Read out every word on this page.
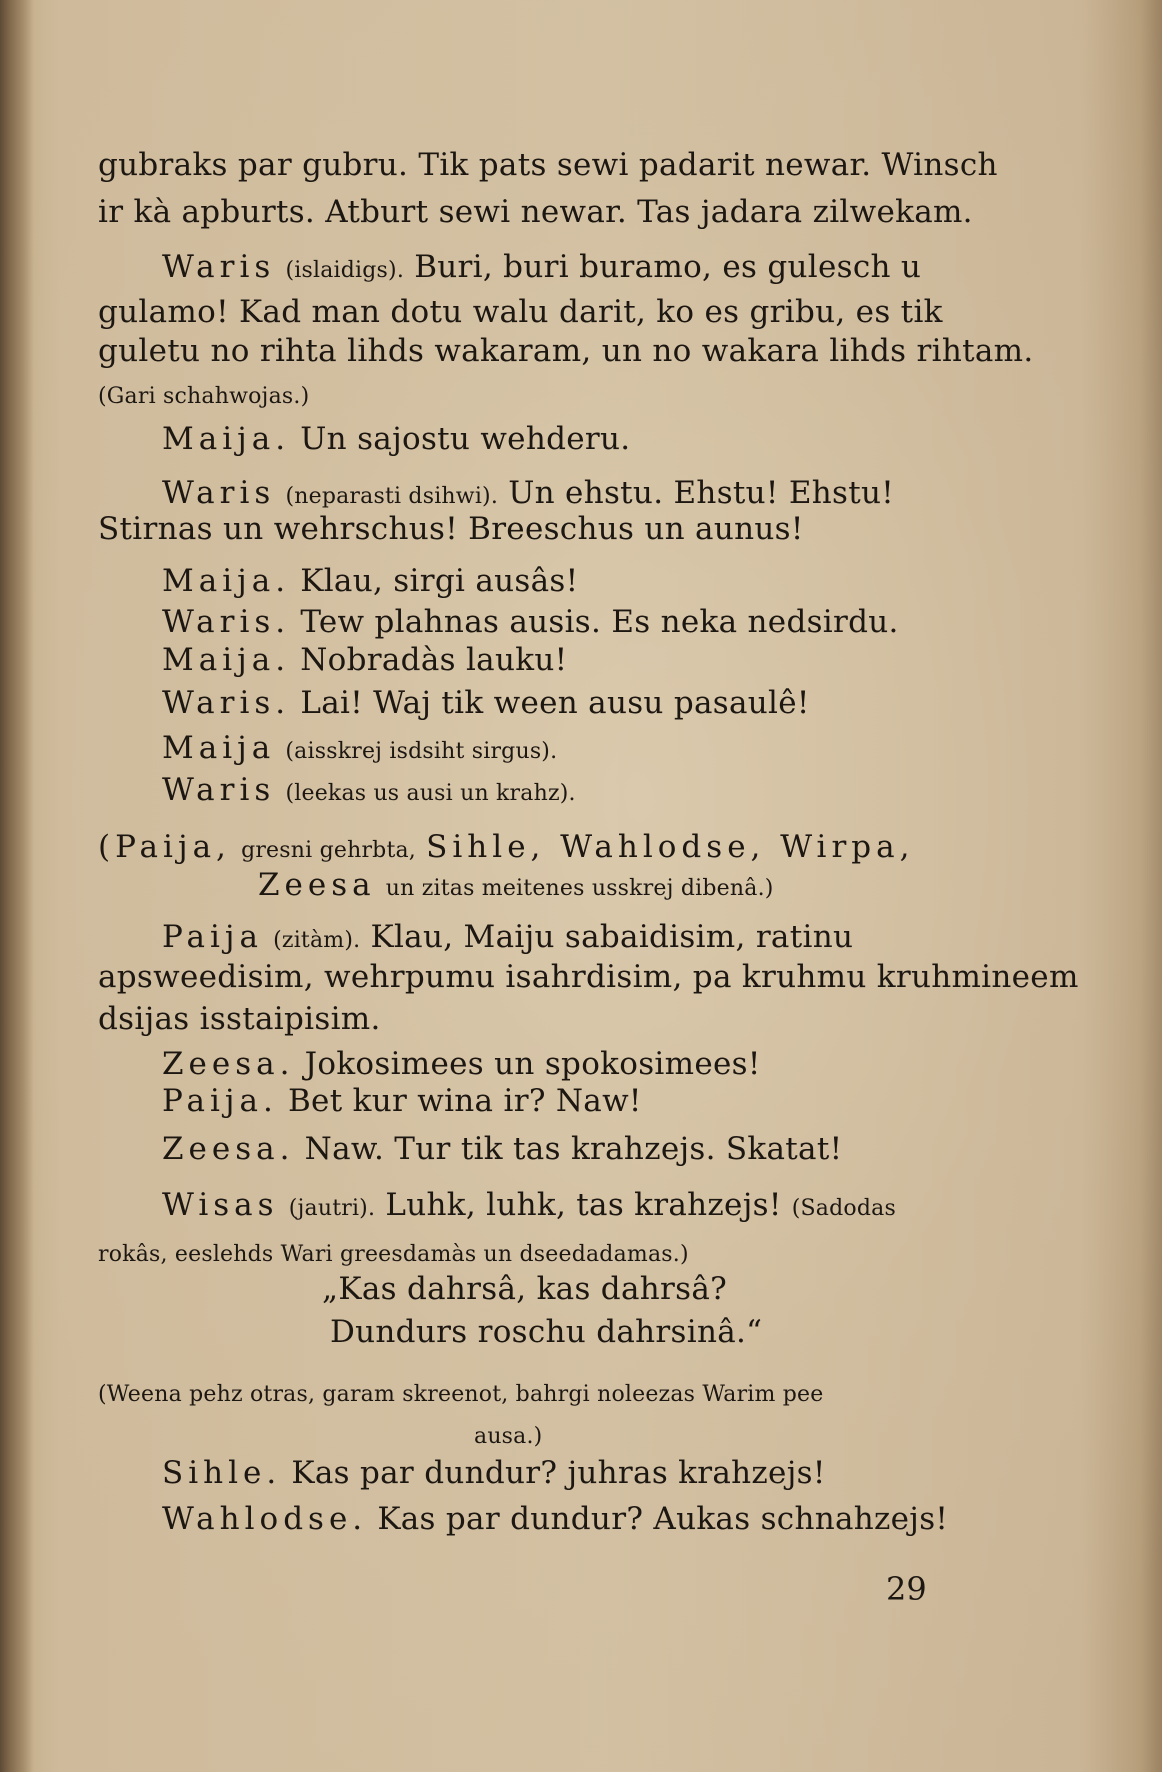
gubraks par gubru. Tik pats sewi padarit newar. Winsch
ir kà apburts. Atburt sewi newar. Tas jadara zilwekam.
Waris (islaidigs). Buri, buri buramo, es gulesch u
gulamo! Kad man dotu walu darit, ko es gribu, es tik
guletu no rihta lihds wakaram, un no wakara lihds rihtam.
(Gari schahwojas.)
Maija. Un sajostu wehderu.
Waris (neparasti dsihwi). Un ehstu. Ehstu! Ehstu!
Stirnas un wehrschus! Breeschus un aunus!
Maija. Klau, sirgi ausâs!
Waris. Tew plahnas ausis. Es neka nedsirdu.
Maija. Nobradàs lauku!
Waris. Lai! Waj tik ween ausu pasaulê!
Maija (aisskrej isdsiht sirgus).
Waris (leekas us ausi un krahz).
(Paija, gresni gehrbta, Sihle, Wahlodse, Wirpa,
Zeesa un zitas meitenes usskrej dibenâ.)
Paija (zitàm). Klau, Maiju sabaidisim, ratinu
apsweedisim, wehrpumu isahrdisim, pa kruhmu kruhmineem
dsijas isstaipisim.
Zeesa. Jokosimees un spokosimees!
Paija. Bet kur wina ir? Naw!
Zeesa. Naw. Tur tik tas krahzejs. Skatat!
Wisas (jautri). Luhk, luhk, tas krahzejs! (Sadodas
rokâs, eeslehds Wari greesdamàs un dseedadamas.)
„Kas dahrsâ, kas dahrsâ?
Dundurs roschu dahrsinâ.“
(Weena pehz otras, garam skreenot, bahrgi noleezas Warim pee
ausa.)
Sihle. Kas par dundur? juhras krahzejs!
Wahlodse. Kas par dundur? Aukas schnahzejs!
29
